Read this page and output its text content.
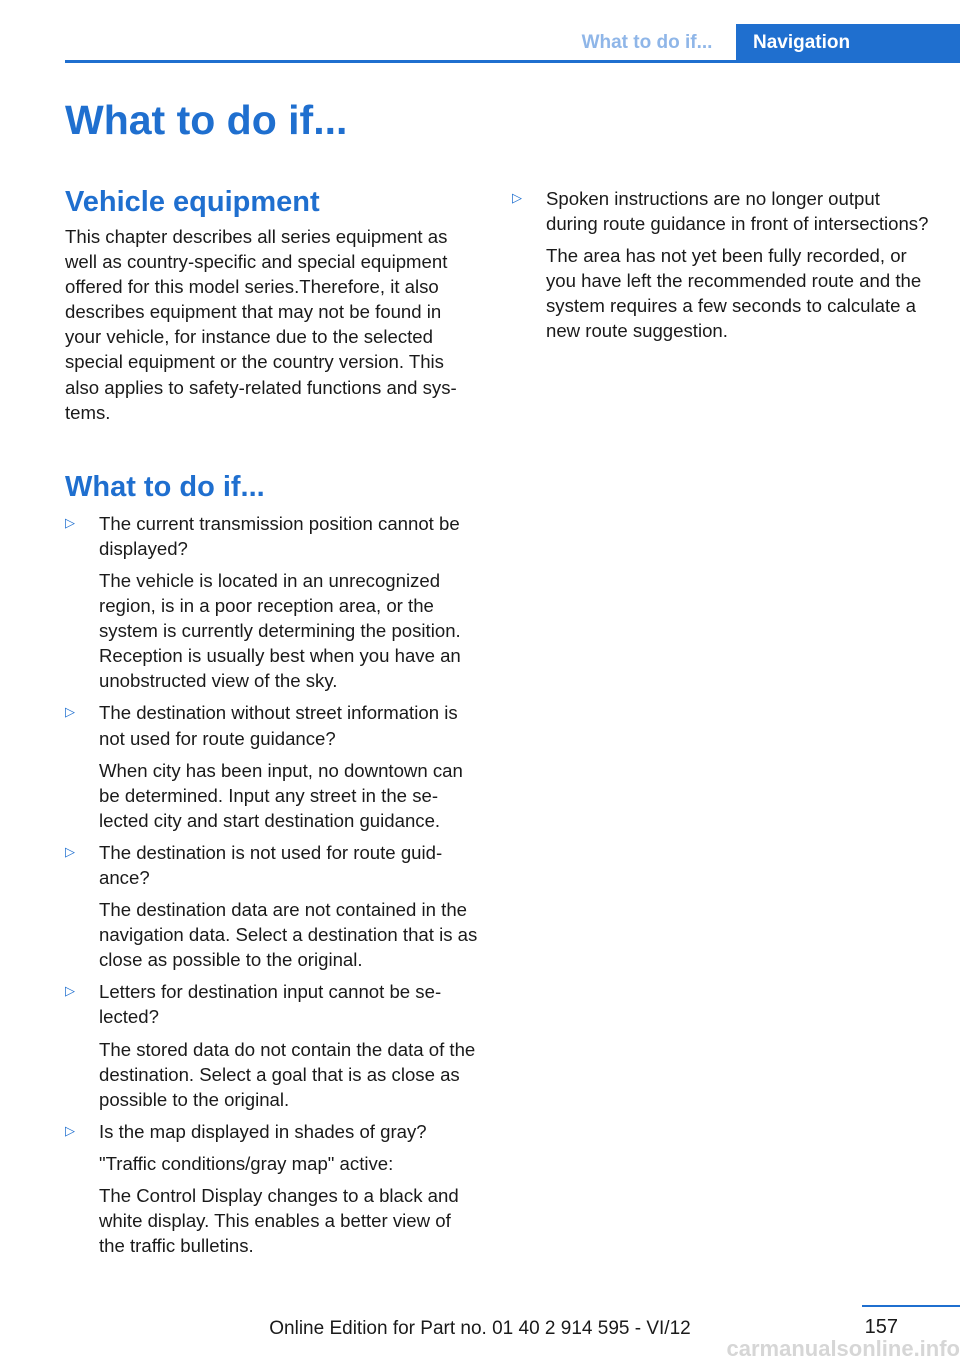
What to do if...	Navigation
What to do if...
Vehicle equipment

This chapter describes all series equipment as well as country-specific and special equipment offered for this model series.Therefore, it also describes equipment that may not be found in your vehicle, for instance due to the selected special equipment or the country version. This also applies to safety-related functions and systems.

What to do if...
▷ The current transmission position cannot be displayed?

The vehicle is located in an unrecognized region, is in a poor reception area, or the system is currently determining the position. Reception is usually best when you have an unobstructed view of the sky.

▷ The destination without street information is not used for route guidance?

When city has been input, no downtown can be determined. Input any street in the selected city and start destination guidance.

▷ The destination is not used for route guidance?

The destination data are not contained in the navigation data. Select a destination that is as close as possible to the original.

▷ Letters for destination input cannot be selected?

The stored data do not contain the data of the destination. Select a goal that is as close as possible to the original.

▷ Is the map displayed in shades of gray?

"Traffic conditions/gray map" active:

The Control Display changes to a black and white display. This enables a better view of the traffic bulletins.

▷ Spoken instructions are no longer output during route guidance in front of intersections?

The area has not yet been fully recorded, or you have left the recommended route and the system requires a few seconds to calculate a new route suggestion.

157
Online Edition for Part no. 01 40 2 914 595 - VI/12
carmanualsonline.info
